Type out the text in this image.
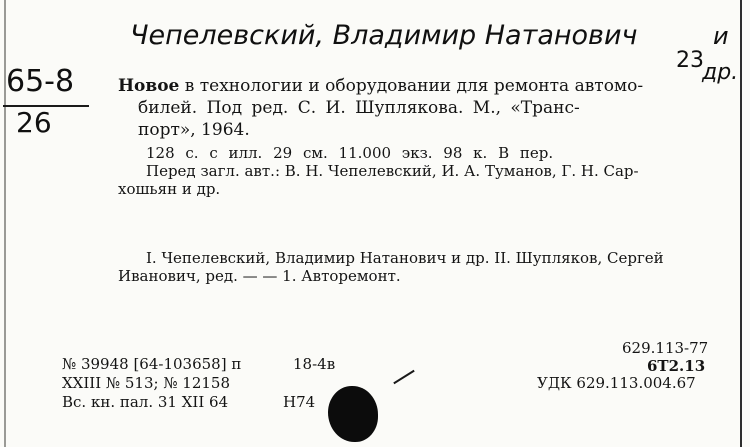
Чепелевский, Владимир Натанович	и
23
др.
65-8
26
Новое в технологии и оборудовании для ремонта автомо-
билей. Под ред. С. И. Шуплякова. М., «Транс-
порт», 1964.
128 с. с илл. 29 см. 11.000 экз. 98 к. В пер.
Перед загл. авт.: В. Н. Чепелевский, И. А. Туманов, Г. Н. Сар-
хошьян и др.
I. Чепелевский, Владимир Натанович и др. II. Шупляков, Сергей
Иванович, ред. — — 1. Авторемонт.
№ 39948 [64-103658] п	18-4в
XXIII № 513; № 12158
Вс. кн. пал. 31 XII 64	Н74
629.113-77
6Т2.13
УДК 629.113.004.67
